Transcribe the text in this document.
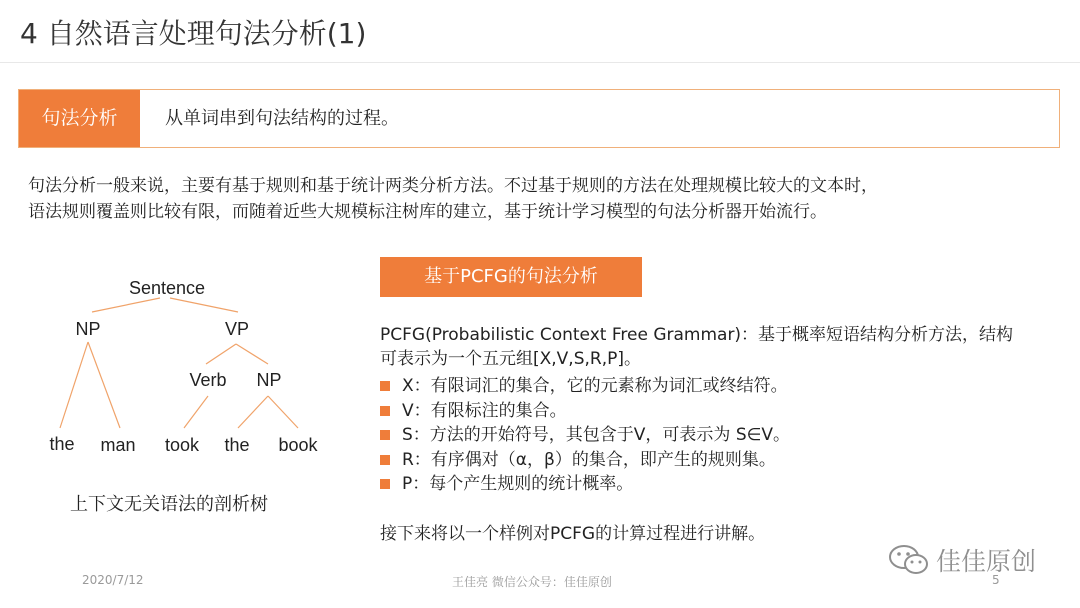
4 自然语言处理句法分析(1)
句法分析	从单词串到句法结构的过程。
句法分析一般来说，主要有基于规则和基于统计两类分析方法。不过基于规则的方法在处理规模比较大的文本时，
语法规则覆盖则比较有限，而随着近些大规模标注树库的建立，基于统计学习模型的句法分析器开始流行。
Sentence
NP	VP
Verb NP
the man took the book
上下文无关语法的剖析树
基于PCFG的句法分析
PCFG(Probabilistic Context Free Grammar)：基于概率短语结构分析方法，结构
可表示为一个五元组[X,V,S,R,P]。
X：有限词汇的集合，它的元素称为词汇或终结符。
V：有限标注的集合。
S：方法的开始符号，其包含于V，可表示为 S∈V。
R：有序偶对（α，β）的集合，即产生的规则集。
P：每个产生规则的统计概率。
接下来将以一个样例对PCFG的计算过程进行讲解。
2020/7/12	王佳亮 微信公众号：佳佳原创	5
佳佳原创
